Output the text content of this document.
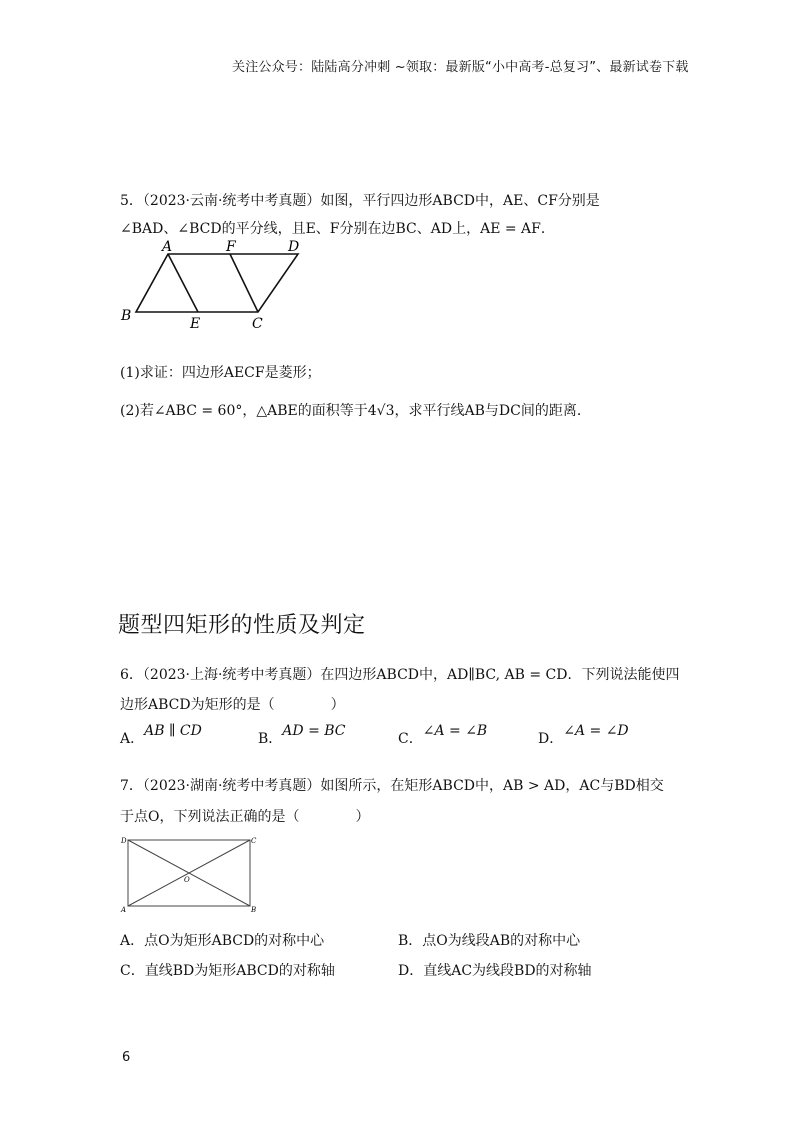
关注公众号：陆陆高分冲刺 ~领取：最新版“小中高考-总复习”、最新试卷下载
5．（2023·云南·统考中考真题）如图，平行四边形ABCD中，AE、CF分别是
∠BAD、∠BCD的平分线，且E、F分别在边BC、AD上，AE = AF．
A	F	D
B	E	C
(1)求证：四边形AECF是菱形；
(2)若∠ABC = 60°，△ABE的面积等于4√3，求平行线AB与DC间的距离．
题型四矩形的性质及判定
6．（2023·上海·统考中考真题）在四边形ABCD中，AD∥BC, AB = CD．下列说法能使四
边形ABCD为矩形的是（　　　　）
A．AB ∥ CD	B．AD = BC	C．∠A = ∠B	D．∠A = ∠D
7．（2023·湖南·统考中考真题）如图所示，在矩形ABCD中，AB > AD，AC与BD相交
于点O，下列说法正确的是（　　　　）
D	C
A	B
O
A．点O为矩形ABCD的对称中心	B．点O为线段AB的对称中心
C．直线BD为矩形ABCD的对称轴	D．直线AC为线段BD的对称轴
6
